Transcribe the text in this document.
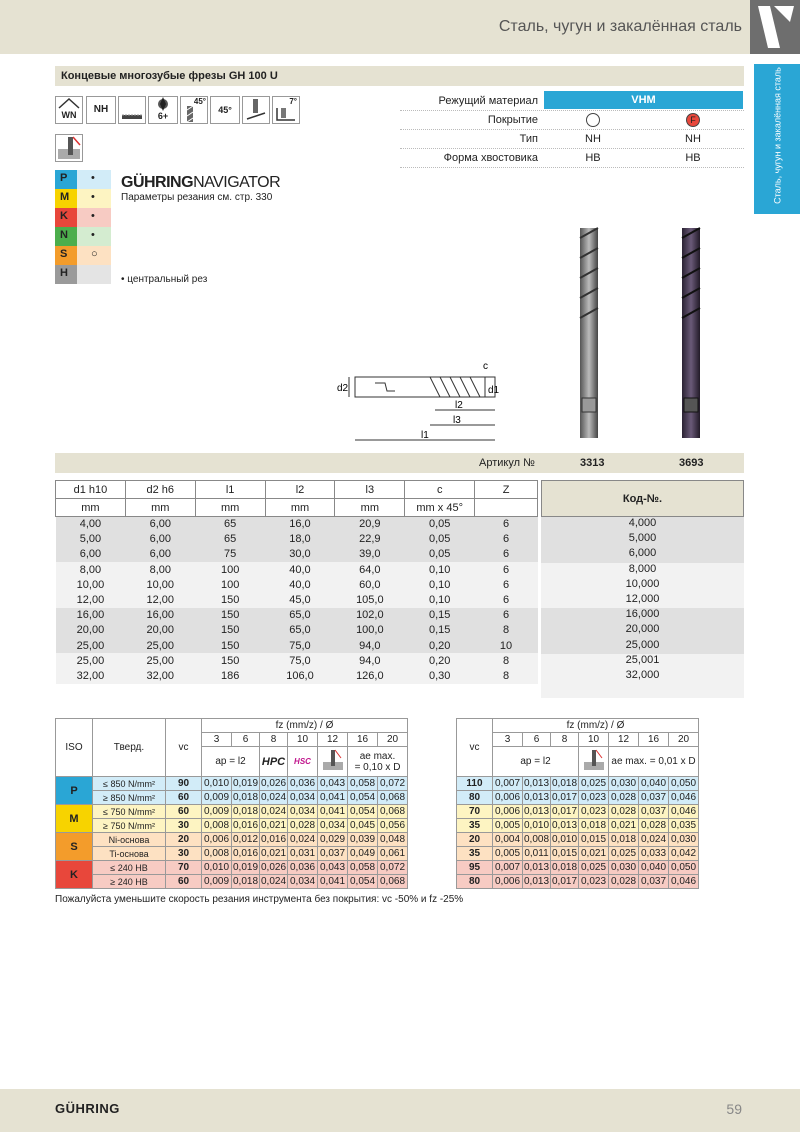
Сталь, чугун и закалённая сталь
Сталь, чугун и закалённая сталь
Концевые многозубые фрезы GH 100 U
WN	NH
6+
45°
45°
7°
P •
M •
K •
N •
S ○
H
GÜHRINGNAVIGATOR
Параметры резания см. стр. 330
• центральный рез
Режущий материал	VHM
Покрытие	F
Тип	NH	NH
Форма хвостовика	HB	HB
d2	d1
c
l2
l3
l1
Артикул №	3313	3693
d1 h10	d2 h6	l1	l2	l3	c	Z
mm	mm	mm	mm	mm	mm x 45°	
4,00	6,00	65	16,0	20,9	0,05	6
5,00	6,00	65	18,0	22,9	0,05	6
6,00	6,00	75	30,0	39,0	0,05	6
8,00	8,00	100	40,0	64,0	0,10	6
10,00	10,00	100	40,0	60,0	0,10	6
12,00	12,00	150	45,0	105,0	0,10	6
16,00	16,00	150	65,0	102,0	0,15	6
20,00	20,00	150	65,0	100,0	0,15	8
25,00	25,00	150	75,0	94,0	0,20	10
25,00	25,00	150	75,0	94,0	0,20	8
32,00	32,00	186	106,0	126,0	0,30	8
Код-№.
4,000
5,000
6,000
8,000
10,000
12,000
16,000
20,000
25,000
25,001
32,000
ISO	Тверд.	vc	fz (mm/z) / Ø						
			3	6	8	10	12	16	20
			ap = l2		HPC	HSC		ae max.
= 0,10 x D	

P	≤ 850 N/mm²	90	0,010	0,019	0,026	0,036	0,043	0,058	0,072
	≥ 850 N/mm²	60	0,009	0,018	0,024	0,034	0,041	0,054	0,068
M	≤ 750 N/mm²	60	0,009	0,018	0,024	0,034	0,041	0,054	0,068
	≥ 750 N/mm²	30	0,008	0,016	0,021	0,028	0,034	0,045	0,056
S	Ni-основа	20	0,006	0,012	0,016	0,024	0,029	0,039	0,048
	Ti-основа	30	0,008	0,016	0,021	0,031	0,037	0,049	0,061
K	≤ 240 HB	70	0,010	0,019	0,026	0,036	0,043	0,058	0,072
	≥ 240 HB	60	0,009	0,018	0,024	0,034	0,041	0,054	0,068
vc	fz (mm/z) / Ø						
	3	6	8	10	12	16	20
	ap = l2				ae max. = 0,01 x D		
110	0,007	0,013	0,018	0,025	0,030	0,040	0,050
80	0,006	0,013	0,017	0,023	0,028	0,037	0,046
70	0,006	0,013	0,017	0,023	0,028	0,037	0,046
35	0,005	0,010	0,013	0,018	0,021	0,028	0,035
20	0,004	0,008	0,010	0,015	0,018	0,024	0,030
35	0,005	0,011	0,015	0,021	0,025	0,033	0,042
95	0,007	0,013	0,018	0,025	0,030	0,040	0,050
80	0,006	0,013	0,017	0,023	0,028	0,037	0,046
Пожалуйста уменьшите скорость резания инструмента без покрытия: vc -50% и fz -25%
GÜHRING	59
